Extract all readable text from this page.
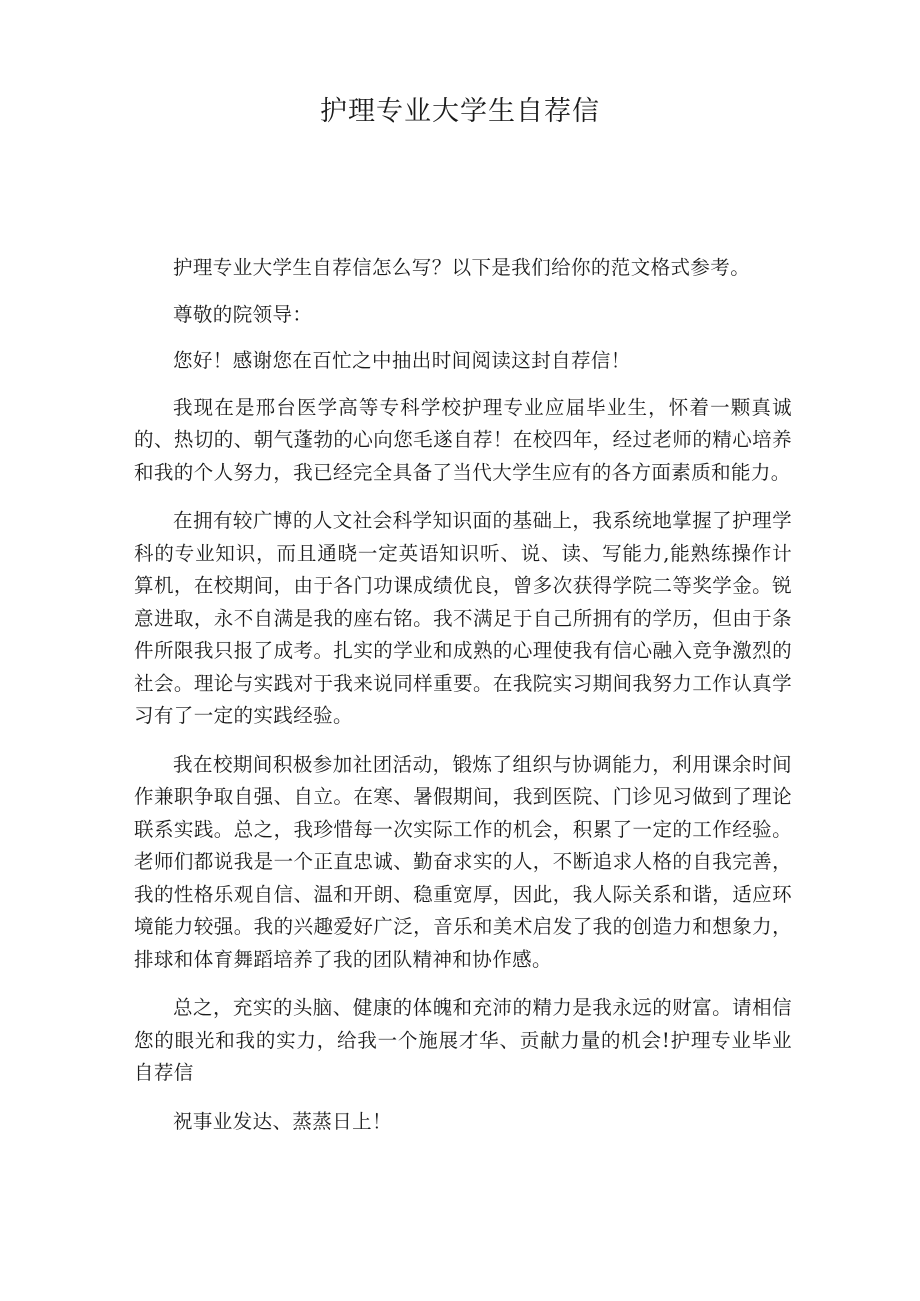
护理专业大学生自荐信

护理专业大学生自荐信怎么写？以下是我们给你的范文格式参考。

尊敬的院领导：

您好！感谢您在百忙之中抽出时间阅读这封自荐信！

我现在是邢台医学高等专科学校护理专业应届毕业生，怀着一颗真诚的、热切的、朝气蓬勃的心向您毛遂自荐！在校四年，经过老师的精心培养和我的个人努力，我已经完全具备了当代大学生应有的各方面素质和能力。

在拥有较广博的人文社会科学知识面的基础上，我系统地掌握了护理学科的专业知识，而且通晓一定英语知识听、说、读、写能力,能熟练操作计算机，在校期间，由于各门功课成绩优良，曾多次获得学院二等奖学金。锐意进取，永不自满是我的座右铭。我不满足于自己所拥有的学历，但由于条件所限我只报了成考。扎实的学业和成熟的心理使我有信心融入竞争激烈的社会。理论与实践对于我来说同样重要。在我院实习期间我努力工作认真学习有了一定的实践经验。

我在校期间积极参加社团活动，锻炼了组织与协调能力，利用课余时间作兼职争取自强、自立。在寒、暑假期间，我到医院、门诊见习做到了理论联系实践。总之，我珍惜每一次实际工作的机会，积累了一定的工作经验。老师们都说我是一个正直忠诚、勤奋求实的人，不断追求人格的自我完善，我的性格乐观自信、温和开朗、稳重宽厚，因此，我人际关系和谐，适应环境能力较强。我的兴趣爱好广泛，音乐和美术启发了我的创造力和想象力，排球和体育舞蹈培养了我的团队精神和协作感。

总之，充实的头脑、健康的体魄和充沛的精力是我永远的财富。请相信您的眼光和我的实力，给我一个施展才华、贡献力量的机会!护理专业毕业自荐信

祝事业发达、蒸蒸日上！
